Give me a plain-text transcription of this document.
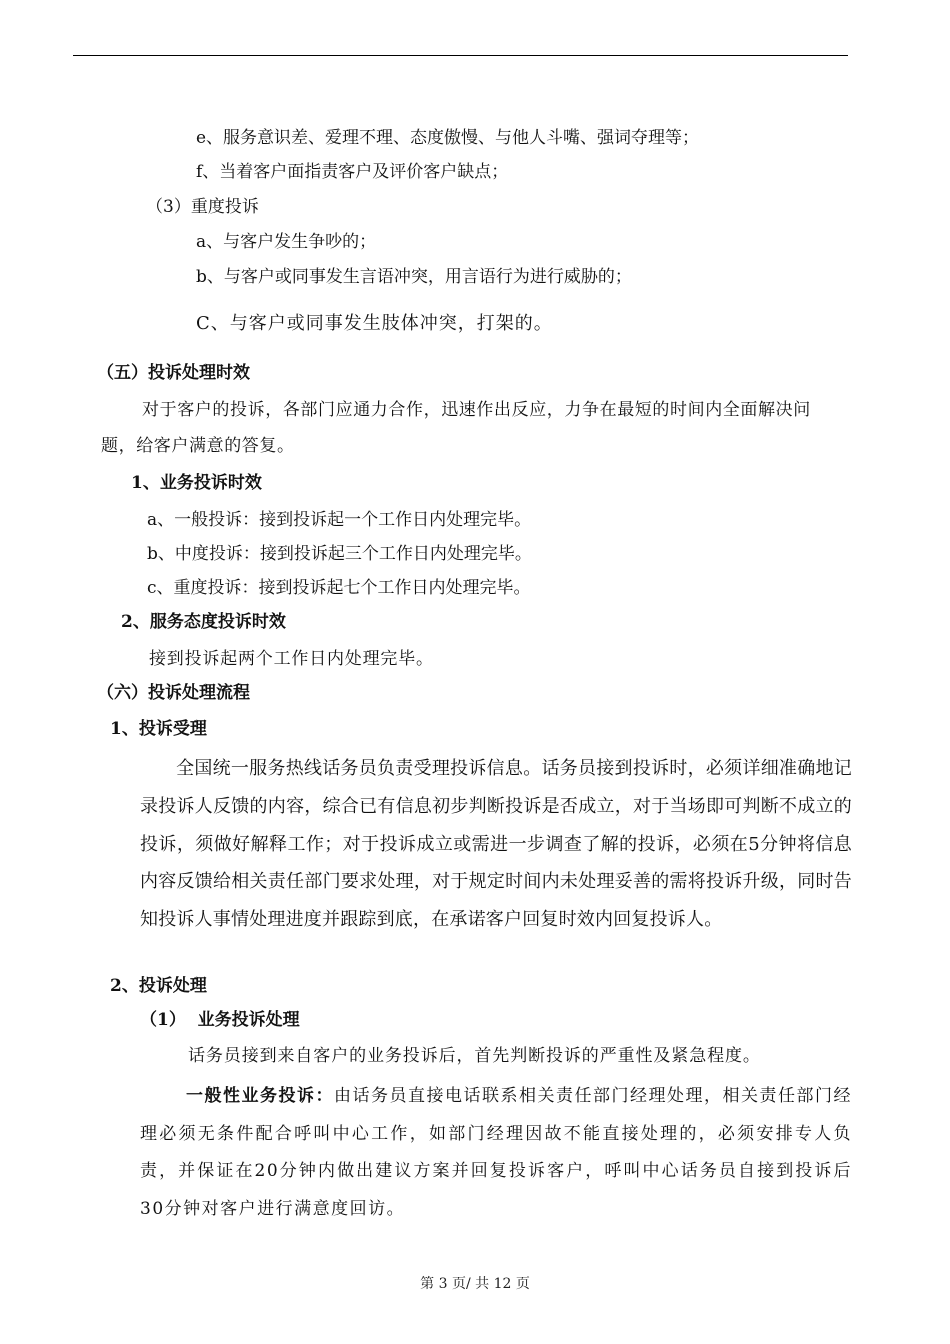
e、服务意识差、爱理不理、态度傲慢、与他人斗嘴、强词夺理等；
f、当着客户面指责客户及评价客户缺点；
（3）重度投诉
a、与客户发生争吵的；
b、与客户或同事发生言语冲突，用言语行为进行威胁的；
C、与客户或同事发生肢体冲突，打架的。
（五）投诉处理时效
对于客户的投诉，各部门应通力合作，迅速作出反应，力争在最短的时间内全面解决问
题，给客户满意的答复。
1、业务投诉时效
a、一般投诉：接到投诉起一个工作日内处理完毕。
b、中度投诉：接到投诉起三个工作日内处理完毕。
c、重度投诉：接到投诉起七个工作日内处理完毕。
2、服务态度投诉时效
接到投诉起两个工作日内处理完毕。
（六）投诉处理流程
1、投诉受理
全国统一服务热线话务员负责受理投诉信息。话务员接到投诉时，必须详细准确地记录投诉人反馈的内容，综合已有信息初步判断投诉是否成立，对于当场即可判断不成立的投诉，须做好解释工作；对于投诉成立或需进一步调查了解的投诉，必须在5分钟将信息内容反馈给相关责任部门要求处理，对于规定时间内未处理妥善的需将投诉升级，同时告知投诉人事情处理进度并跟踪到底，在承诺客户回复时效内回复投诉人。
2、投诉处理
（1）  业务投诉处理
话务员接到来自客户的业务投诉后，首先判断投诉的严重性及紧急程度。
一般性业务投诉：由话务员直接电话联系相关责任部门经理处理，相关责任部门经理必须无条件配合呼叫中心工作，如部门经理因故不能直接处理的，必须安排专人负责，并保证在20分钟内做出建议方案并回复投诉客户，呼叫中心话务员自接到投诉后30分钟对客户进行满意度回访。
第 3 页/ 共 12 页
